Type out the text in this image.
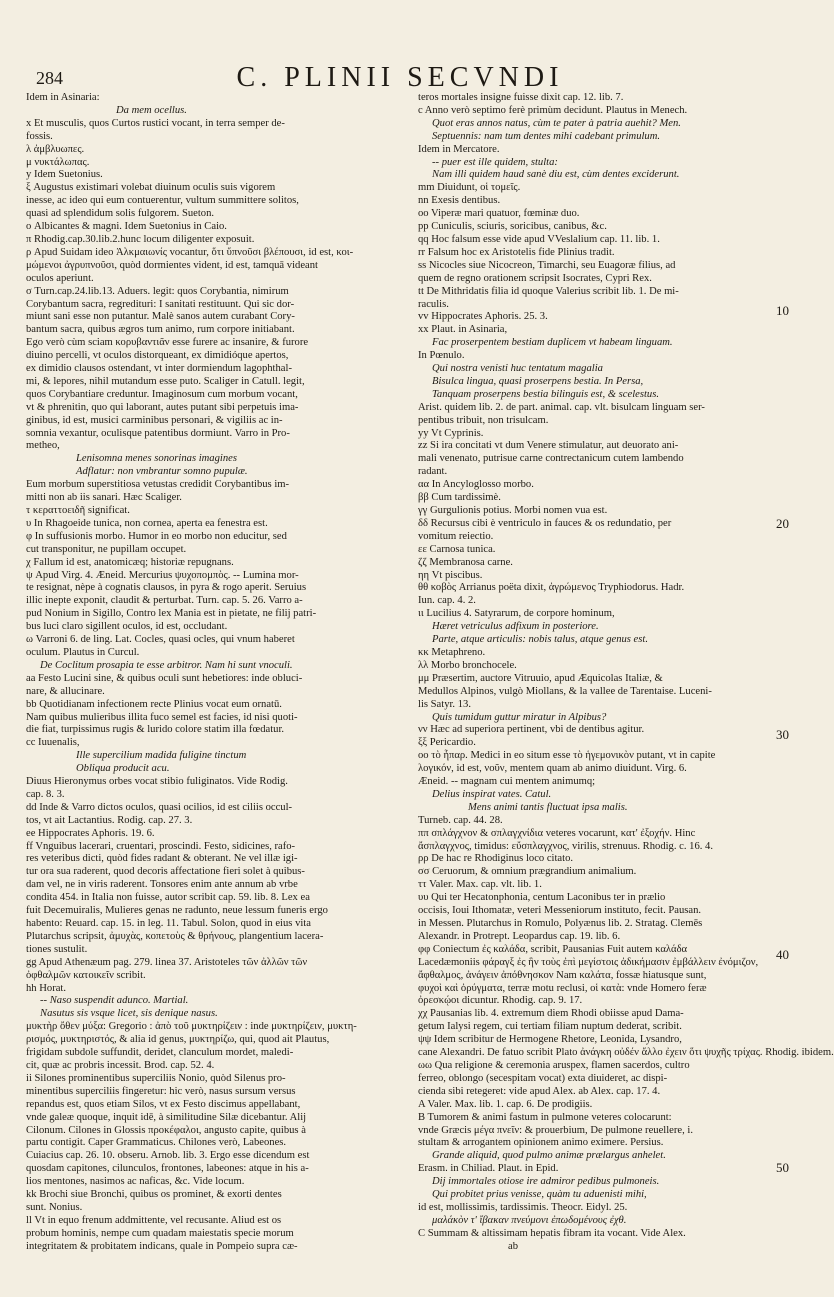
284	C. PLINII SECVNDI
Idem in Asinaria:
Da mem ocellus.
x Et musculis, quos Curtos rustici vocant, in terra semper de-
fossis.
λ ἀμβλυωπες.
μ νυκτάλωπας.
y Idem Suetonius.
ξ Augustus existimari volebat diuinum oculis suis vigorem
inesse, ac ideo qui eum contuerentur, vultum summittere solitos,
quasi ad splendidum solis fulgorem. Sueton.
ο Albicantes & magni. Idem Suetonius in Caio.
π Rhodig.cap.30.lib.2.hunc locum diligenter exposuit.
ρ Apud Suidam ideo Ἀλκμαιωνίς vocantur, ὅτι ὕπνοῦσι βλέπουσι, id est, κοι-
μώμενοι ἀγρυπνοῦσι, quòd dormientes vident, id est, tamquā videant
oculos aperiunt.
σ Turn.cap.24.lib.13. Aduers. legit: quos Corybantia, nimirum
Corybantum sacra, regredituri: I sanitati restituunt. Qui sic dor-
miunt sani esse non putantur. Malè sanos autem curabant Cory-
bantum sacra, quibus ægros tum animo, rum corpore initiabant.
Ego verò cùm sciam κορυβαντιᾶν esse furere ac insanire, & furore
diuino percelli, vt oculos distorqueant, ex dimidióque apertos,
ex dimidio clausos ostendant, vt inter dormiendum lagophthal-
mi, & lepores, nihil mutandum esse puto. Scaliger in Catull. legit,
quos Corybantiare creduntur. Imaginosum cum morbum vocant,
vt & phrenitin, quo qui laborant, autes putant sibi perpetuis ima-
ginibus, id est, musici carminibus personari, & vigiliis ac in-
somnia vexantur, oculisque patentibus dormiunt. Varro in Pro-
metheo,
Lenisomna menes sonorinas imagines
Adflatur: non vmbrantur somno pupulæ.
Eum morbum superstitiosa vetustas credidit Corybantibus im-
mitti non ab iis sanari. Hæc Scaliger.
τ κεραττοειδῆ significat.
υ In Rhagoeide tunica, non cornea, aperta ea fenestra est.
φ In suffusionis morbo. Humor in eo morbo non educitur, sed
cut transponitur, ne pupillam occupet.
χ Fallum id est, anatomicæq; historiæ repugnans.
ψ Apud Virg. 4. Æneid. Mercurius ψυχοπομπὸς. -- Lumina mor-
te resignat, nèpe à cognatis clausos, in pyra & rogo aperit. Seruius
illic inepte exponit, claudit & perturbat. Turn. cap. 5. 26. Varro a-
pud Nonium in Sigillo, Contro lex Mania est in pietate, ne filij patri-
bus luci claro sigillent oculos, id est, occludant.
ω Varroni 6. de ling. Lat. Cocles, quasi ocles, qui vnum haberet
oculum. Plautus in Curcul.
De Coclitum prosapia te esse arbitror. Nam hi sunt vnoculi.
aa Festo Lucini sine, & quibus oculi sunt hebetiores: inde obluci-
nare, & allucinare.
bb Quotidianam infectionem recte Plinius vocat eum ornatū.
Nam quibus mulieribus illita fuco semel est facies, id nisi quoti-
die fiat, turpissimus rugis & lurido colore statim illa fœdatur.
cc Iuuenalis,
Ille supercilium madida fuligine tinctum
Obliqua producit acu.
Diuus Hieronymus orbes vocat stibio fuliginatos. Vide Rodig.
cap. 8. 3.
dd Inde & Varro dictos oculos, quasi ocilios, id est ciliis occul-
tos, vt ait Lactantius. Rodig. cap. 27. 3.
ee Hippocrates Aphoris. 19. 6.
ff Vnguibus lacerari, cruentari, proscindi. Festo, sidicines, rafo-
res veteribus dicti, quòd fides radant & obterant. Ne vel illæ igi-
tur ora sua raderent, quod decoris affectatione fieri solet à quibus-
dam vel, ne in viris raderent. Tonsores enim ante annum ab vrbe
condita 454. in Italia non fuisse, autor scribit cap. 59. lib. 8. Lex ea
fuit Decemuiralis, Mulieres genas ne radunto, neue lessum funeris ergo
habento: Reuard. cap. 15. in leg. 11. Tabul. Solon, quod in eius vita
Plutarchus scripsit, ἀμυχὰς, κοπετοὺς & θρήνους, plangentium lacera-
tiones sustulit.
gg Apud Athenæum pag. 279. linea 37. Aristoteles τῶν ἀλλῶν τῶν
ὀφθαλμῶν κατοικεῖν scribit.
hh Horat.
-- Naso suspendit adunco. Martial.
Nasutus sis vsque licet, sis denique nasus.
μυκτὴρ ὄθεν μύξα: Gregorio : ἀπὸ τοῦ μυκτηρίζειν : inde μυκτηρίζειν, μυκτη-
ρισμός, μυκτηριστός, & alia id genus, μυκτηρίζω, qui, quod ait Plautus,
frigidam subdole suffundit, deridet, clanculum mordet, maledi-
cit, quæ ac probris incessit. Brod. cap. 52. 4.
ii Silones prominentibus superciliis Nonio, quòd Silenus pro-
minentibus superciliis fingeretur: hic verò, nasus sursum versus
repandus est, quos etiam Silos, vt ex Festo discimus appellabant,
vnde galeæ quoque, inquit idē, à similitudine Silæ dicebantur. Alij
Cilonum. Cilones in Glossis προκέφαλοι, angusto capite, quibus à
partu contigit. Caper Grammaticus. Chilones verò, Labeones.
Cuiacius cap. 26. 10. obseru. Arnob. lib. 3. Ergo esse dicendum est
quosdam capitones, cilunculos, frontones, labeones: atque in his a-
lios mentones, nasimos ac naficas, &c. Vide locum.
kk Brochi siue Bronchi, quibus os prominet, & exorti dentes
sunt. Nonius.
ll Vt in equo frenum addmittente, vel recusante. Aliud est os
probum hominis, nempe cum quadam maiestatis specie morum
integritatem & probitatem indicans, quale in Pompeio supra cæ-
teros mortales insigne fuisse dixit cap. 12. lib. 7.
c Anno verò septimo ferè primùm decidunt. Plautus in Menech.
Quot eras annos natus, cùm te pater à patria auehit? Men.
Septuennis: nam tum dentes mihi cadebant primulum.
Idem in Mercatore.
-- puer est ille quidem, stulta:
Nam illi quidem haud sanè diu est, cùm dentes exciderunt.
mm Diuidunt, οἱ τομεῖς.
nn Exesis dentibus.
oo Viperæ mari quatuor, fœminæ duo.
pp Cuniculis, sciuris, soricibus, canibus, &c.
qq Hoc falsum esse vide apud VVeslalium cap. 11. lib. 1.
rr Falsum hoc ex Aristotelis fide Plinius tradit.
ss Nicocles siue Nicocreon, Timarchi, seu Euagoræ filius, ad
quem de regno orationem scripsit Isocrates, Cypri Rex.
tt De Mithridatis filia id quoque Valerius scribit lib. 1. De mi-
raculis.
vv Hippocrates Aphoris. 25. 3.
xx Plaut. in Asinaria,
Fac proserpentem bestiam duplicem vt habeam linguam.
In Pœnulo.
Qui nostra venisti huc tentatum magalia
Bisulca lingua, quasi proserpens bestia. In Persa,
Tanquam proserpens bestia bilinguis est, & scelestus.
Arist. quidem lib. 2. de part. animal. cap. vlt. bisulcam linguam ser-
pentibus tribuit, non trisulcam.
yy Vt Cyprinis.
zz Si ira concitati vt dum Venere stimulatur, aut deuorato ani-
mali venenato, putrisue carne contrectanicum cutem lambendo
radant.
αα In Ancyloglosso morbo.
ββ Cum tardissimè.
γγ Gurgulionis potius. Morbi nomen vua est.
δδ Recursus cibi è ventriculo in fauces & os redundatio, per
vomitum reiectio.
εε Carnosa tunica.
ζζ Membranosa carne.
ηη Vt piscibus.
θθ κοβὸς Arrianus poëta dixit, ἀγρώμενος Tryphiodorus. Hadr.
Iun. cap. 4. 2.
ιι Lucilius 4. Satyrarum, de corpore hominum,
Hæret vetriculus adfixum in posteriore.
Parte, atque articulis: nobis talus, atque genus est.
κκ Metaphreno.
λλ Morbo bronchocele.
μμ Præsertim, auctore Vitruuio, apud Æquicolas Italiæ, &
Medullos Alpinos, vulgò Miollans, & la vallee de Tarentaise. Luceni-
lis Satyr. 13.
Quis tumidum guttur miratur in Alpibus?
νν Hæc ad superiora pertinent, vbi de dentibus agitur.
ξξ Pericardio.
οο τὸ ἧπαρ. Medici in eo situm esse τὸ ἡγεμονικὸν putant, vt in capite
λογικόν, id est, νοῦν, mentem quam ab animo diuidunt. Virg. 6.
Æneid. -- magnam cui mentem animumq;
Delius inspirat vates. Catul.
Mens animi tantis fluctuat ipsa malis.
Turneb. cap. 44. 28.
ππ σπλάγχνον & σπλαγχνίδια veteres vocarunt, κατ' ἐξοχήν. Hinc
ἄσπλαγχνος, timidus: εὔσπλαγχνος, virilis, strenuus. Rhodig. c. 16. 4.
ρρ De hac re Rhodiginus loco citato.
σσ Ceruorum, & omnium prægrandium animalium.
ττ Valer. Max. cap. vlt. lib. 1.
υυ Qui ter Hecatonphonia, centum Laconibus ter in prælio
occisis, Ioui Ithomatæ, veteri Messeniorum instituto, fecit. Pausan.
in Messen. Plutarchus in Romulo, Polyænus lib. 2. Stratag. Clemēs
Alexandr. in Protrept. Leopardus cap. 19. lib. 6.
φφ Coniectum ἐς καλάδα, scribit, Pausanias Fuit autem καλάδα
Lacedæmoniis φάραγξ ἐς ἣν τοὺς ἐπὶ μεγίστοις ἀδικήμασιν ἐμβάλλειν ἐνόμιζον,
ἄφθαλμος, ἀνάγειν ἀπόθνησκον Nam καλάτα, fossæ hiatusque sunt,
φυχοὶ καὶ ὀρύγματα, terræ motu reclusi, οἱ κατὰ: vnde Homero feræ
ὀρεσκῴοι dicuntur. Rhodig. cap. 9. 17.
χχ Pausanias lib. 4. extremum diem Rhodi obiisse apud Dama-
getum Ialysi regem, cui tertiam filiam nuptum dederat, scribit.
ψψ Idem scribitur de Hermogene Rhetore, Leonida, Lysandro,
cane Alexandri. De fatuo scribit Plato ἀνάγκη οὐδέν ἄλλο ἐχειν ὅτι ψυχῆς τρίχας. Rhodig. ibidem.
ωω Qua religione & ceremonia aruspex, flamen sacerdos, cultro
ferreo, oblongo (secespitam vocat) exta diuideret, ac dispi-
cienda sibi retegeret: vide apud Alex. ab Alex. cap. 17. 4.
A Valer. Max. lib. 1. cap. 6. De prodigiis.
B Tumorem & animi fastum in pulmone veteres colocarunt:
vnde Græcis μέγα πνεῖν: & prouerbium, De pulmone reuellere, i.
stultam & arrogantem opinionem animo eximere. Persius.
Grande aliquid, quod pulmo animæ prælargus anhelet.
Erasm. in Chiliad. Plaut. in Epid.
Dij immortales otiose ire admiror pedibus pulmoneis.
Qui probitet prius venisse, quàm tu aduenisti mihi,
id est, mollissimis, tardissimis. Theocr. Eidyl. 25.
μαλάκὸν τ' ἴβακαν πνεύμονι ἐπωδομένους ἐχθ.
C Summam & altissimam hepatis fibram ita vocant. Vide Alex.
ab
10
20
30
40
50
